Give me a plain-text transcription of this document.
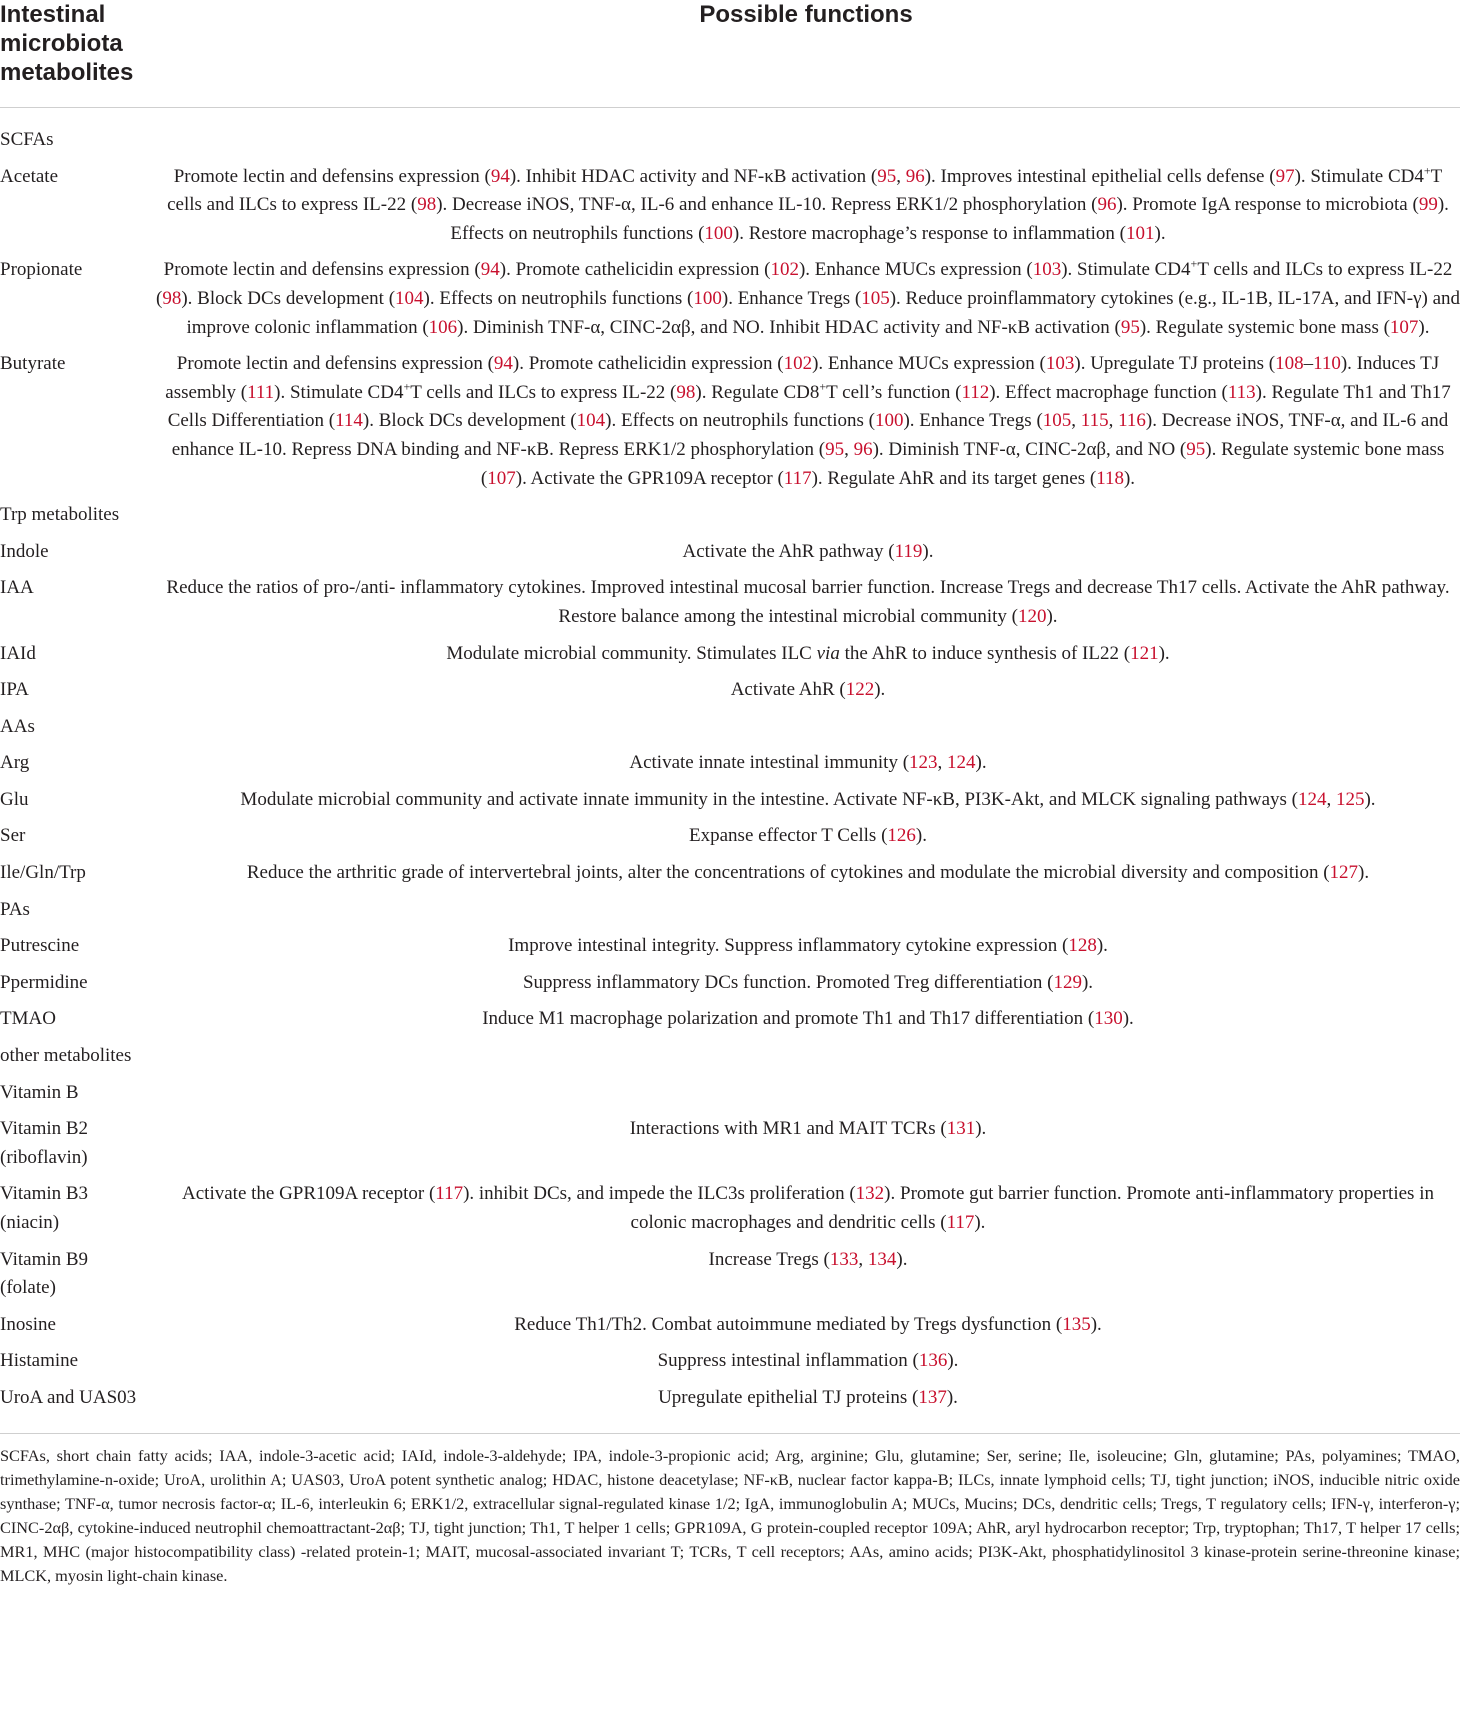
Intestinal microbiota metabolites	Possible functions
SCFAs	
Acetate	Promote lectin and defensins expression (94). Inhibit HDAC activity and NF-κB activation (95, 96). Improves intestinal epithelial cells defense (97). Stimulate CD4+T cells and ILCs to express IL-22 (98). Decrease iNOS, TNF-α, IL-6 and enhance IL-10. Repress ERK1/2 phosphorylation (96). Promote IgA response to microbiota (99). Effects on neutrophils functions (100). Restore macrophage’s response to inflammation (101).
Propionate	Promote lectin and defensins expression (94). Promote cathelicidin expression (102). Enhance MUCs expression (103). Stimulate CD4+T cells and ILCs to express IL-22 (98). Block DCs development (104). Effects on neutrophils functions (100). Enhance Tregs (105). Reduce proinflammatory cytokines (e.g., IL-1B, IL-17A, and IFN-γ) and improve colonic inflammation (106). Diminish TNF-α, CINC-2αβ, and NO. Inhibit HDAC activity and NF-κB activation (95). Regulate systemic bone mass (107).
Butyrate	Promote lectin and defensins expression (94). Promote cathelicidin expression (102). Enhance MUCs expression (103). Upregulate TJ proteins (108–110). Induces TJ assembly (111). Stimulate CD4+T cells and ILCs to express IL-22 (98). Regulate CD8+T cell’s function (112). Effect macrophage function (113). Regulate Th1 and Th17 Cells Differentiation (114). Block DCs development (104). Effects on neutrophils functions (100). Enhance Tregs (105, 115, 116). Decrease iNOS, TNF-α, and IL-6 and enhance IL-10. Repress DNA binding and NF-κB. Repress ERK1/2 phosphorylation (95, 96). Diminish TNF-α, CINC-2αβ, and NO (95). Regulate systemic bone mass (107). Activate the GPR109A receptor (117). Regulate AhR and its target genes (118).
Trp metabolites	
Indole	Activate the AhR pathway (119).
IAA	Reduce the ratios of pro-/anti- inflammatory cytokines. Improved intestinal mucosal barrier function. Increase Tregs and decrease Th17 cells. Activate the AhR pathway. Restore balance among the intestinal microbial community (120).
IAId	Modulate microbial community. Stimulates ILC via the AhR to induce synthesis of IL22 (121).
IPA	Activate AhR (122).
AAs	
Arg	Activate innate intestinal immunity (123, 124).
Glu	Modulate microbial community and activate innate immunity in the intestine. Activate NF-κB, PI3K-Akt, and MLCK signaling pathways (124, 125).
Ser	Expanse effector T Cells (126).
Ile/Gln/Trp	Reduce the arthritic grade of intervertebral joints, alter the concentrations of cytokines and modulate the microbial diversity and composition (127).
PAs	
Putrescine	Improve intestinal integrity. Suppress inflammatory cytokine expression (128).
Ppermidine	Suppress inflammatory DCs function. Promoted Treg differentiation (129).
TMAO	Induce M1 macrophage polarization and promote Th1 and Th17 differentiation (130).
other metabolites	
Vitamin B	
Vitamin B2 (riboflavin)	Interactions with MR1 and MAIT TCRs (131).
Vitamin B3 (niacin)	Activate the GPR109A receptor (117). inhibit DCs, and impede the ILC3s proliferation (132). Promote gut barrier function. Promote anti-inflammatory properties in colonic macrophages and dendritic cells (117).
Vitamin B9 (folate)	Increase Tregs (133, 134).
Inosine	Reduce Th1/Th2. Combat autoimmune mediated by Tregs dysfunction (135).
Histamine	Suppress intestinal inflammation (136).
UroA and UAS03	Upregulate epithelial TJ proteins (137).
SCFAs, short chain fatty acids; IAA, indole-3-acetic acid; IAId, indole-3-aldehyde; IPA, indole-3-propionic acid; Arg, arginine; Glu, glutamine; Ser, serine; Ile, isoleucine; Gln, glutamine; PAs, polyamines; TMAO, trimethylamine-n-oxide; UroA, urolithin A; UAS03, UroA potent synthetic analog; HDAC, histone deacetylase; NF-κB, nuclear factor kappa-B; ILCs, innate lymphoid cells; TJ, tight junction; iNOS, inducible nitric oxide synthase; TNF-α, tumor necrosis factor-α; IL-6, interleukin 6; ERK1/2, extracellular signal-regulated kinase 1/2; IgA, immunoglobulin A; MUCs, Mucins; DCs, dendritic cells; Tregs, T regulatory cells; IFN-γ, interferon-γ; CINC-2αβ, cytokine-induced neutrophil chemoattractant-2αβ; TJ, tight junction; Th1, T helper 1 cells; GPR109A, G protein-coupled receptor 109A; AhR, aryl hydrocarbon receptor; Trp, tryptophan; Th17, T helper 17 cells; MR1, MHC (major histocompatibility class) -related protein-1; MAIT, mucosal-associated invariant T; TCRs, T cell receptors; AAs, amino acids; PI3K-Akt, phosphatidylinositol 3 kinase-protein serine-threonine kinase; MLCK, myosin light-chain kinase.
